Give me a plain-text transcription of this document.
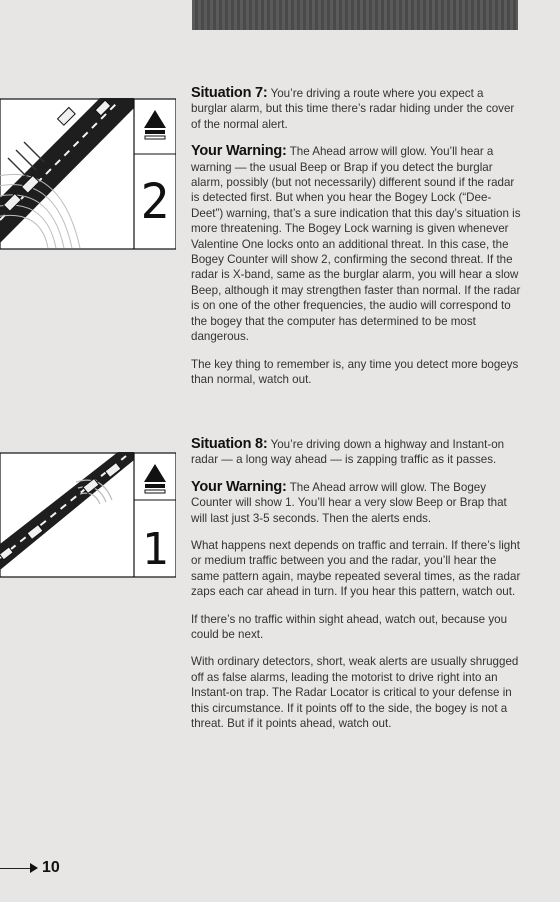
2
1

Situation 7: You’re driving a route where you expect a burglar alarm, but this time there’s radar hiding under the cover of the normal alert.

Your Warning: The Ahead arrow will glow. You’ll hear a warning — the usual Beep or Brap if you detect the burglar alarm, possibly (but not necessarily) different sound if the radar is detected first. But when you hear the Bogey Lock (“Dee-Deet”) warning, that’s a sure indication that this day’s situation is more threatening. The Bogey Lock warning is given whenever Valentine One locks onto an additional threat. In this case, the Bogey Counter will show 2, confirming the second threat. If the radar is X-band, same as the burglar alarm, you will hear a slow Beep, although it may strengthen faster than normal. If the radar is on one of the other frequencies, the audio will correspond to the bogey that the computer has determined to be most dangerous.

The key thing to remember is, any time you detect more bogeys than normal, watch out.

Situation 8: You’re driving down a highway and Instant-on radar — a long way ahead — is zapping traffic as it passes.

Your Warning: The Ahead arrow will glow. The Bogey Counter will show 1. You’ll hear a very slow Beep or Brap that will last just 3-5 seconds. Then the alerts ends.

What happens next depends on traffic and terrain. If there’s light or medium traffic between you and the radar, you’ll hear the same pattern again, maybe repeated several times, as the radar zaps each car ahead in turn. If you hear this pattern, watch out.

If there’s no traffic within sight ahead, watch out, because you could be next.

With ordinary detectors, short, weak alerts are usually shrugged off as false alarms, leading the motorist to drive right into an Instant-on trap. The Radar Locator is critical to your defense in this circumstance. If it points off to the side, the bogey is not a threat. But if it points ahead, watch out.

10
